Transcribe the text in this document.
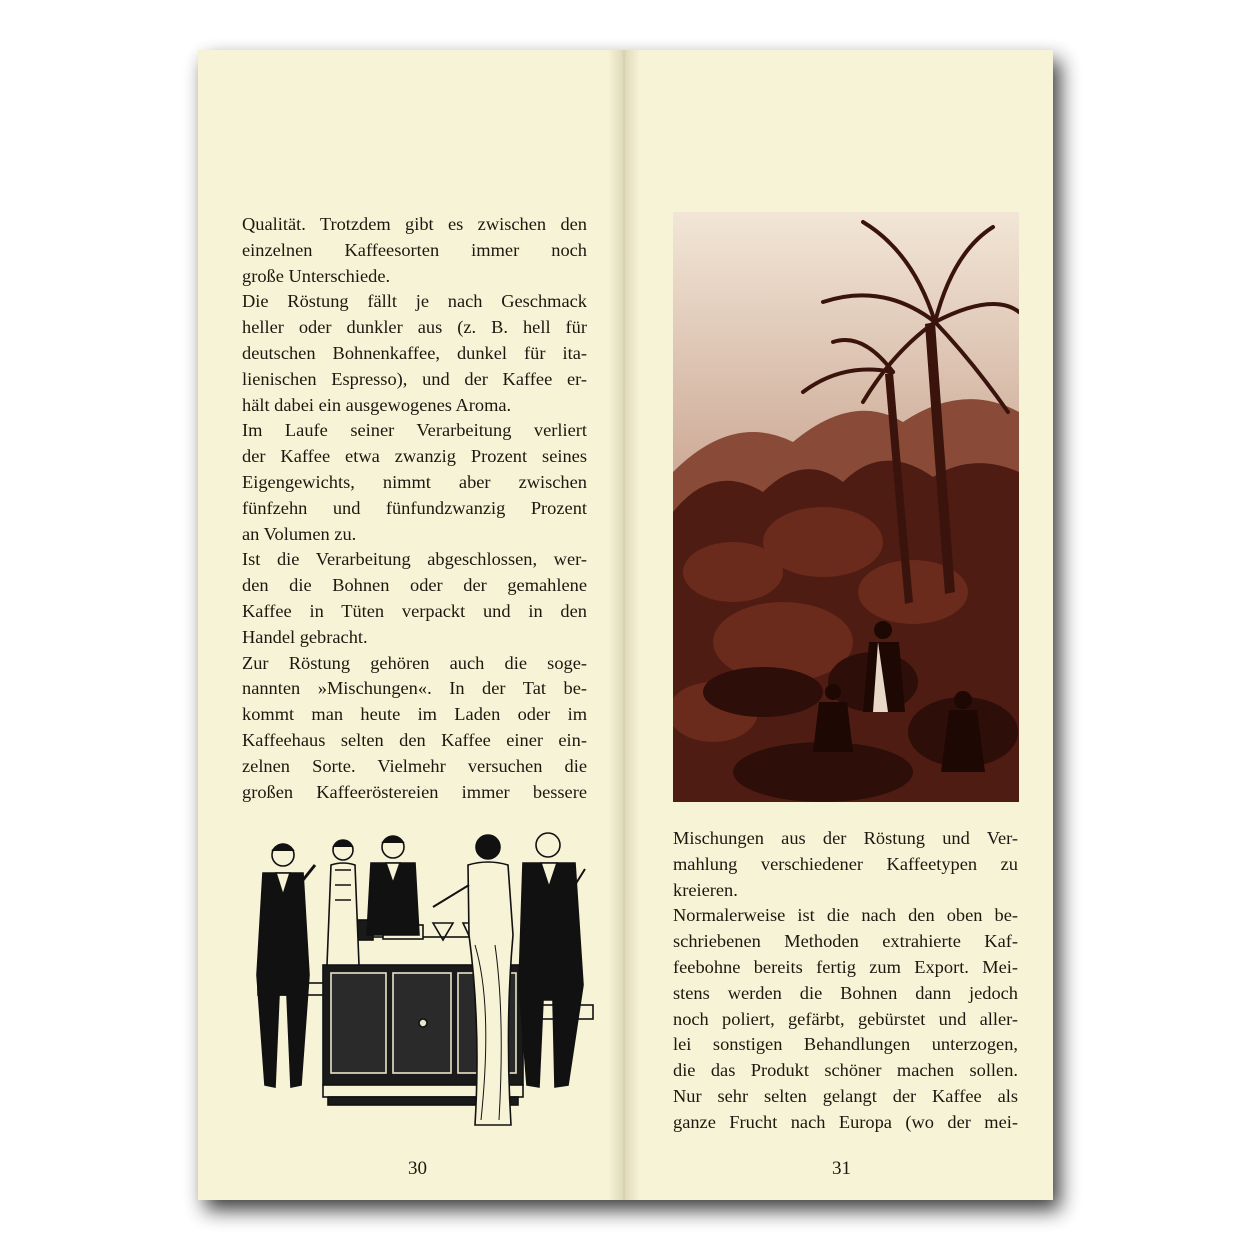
Qualität. Trotzdem gibt es zwischen den
einzelnen Kaffeesorten immer noch
große Unterschiede.
Die Röstung fällt je nach Geschmack
heller oder dunkler aus (z. B. hell für
deutschen Bohnenkaffee, dunkel für ita-
lienischen Espresso), und der Kaffee er-
hält dabei ein ausgewogenes Aroma.
Im Laufe seiner Verarbeitung verliert
der Kaffee etwa zwanzig Prozent seines
Eigengewichts, nimmt aber zwischen
fünfzehn und fünfundzwanzig Prozent
an Volumen zu.
Ist die Verarbeitung abgeschlossen, wer-
den die Bohnen oder der gemahlene
Kaffee in Tüten verpackt und in den
Handel gebracht.
Zur Röstung gehören auch die soge-
nannten »Mischungen«. In der Tat be-
kommt man heute im Laden oder im
Kaffeehaus selten den Kaffee einer ein-
zelnen Sorte. Vielmehr versuchen die
großen Kaffeeröstereien immer bessere
30
Mischungen aus der Röstung und Ver-
mahlung verschiedener Kaffeetypen zu
kreieren.
Normalerweise ist die nach den oben be-
schriebenen Methoden extrahierte Kaf-
feebohne bereits fertig zum Export. Mei-
stens werden die Bohnen dann jedoch
noch poliert, gefärbt, gebürstet und aller-
lei sonstigen Behandlungen unterzogen,
die das Produkt schöner machen sollen.
Nur sehr selten gelangt der Kaffee als
ganze Frucht nach Europa (wo der mei-
31
